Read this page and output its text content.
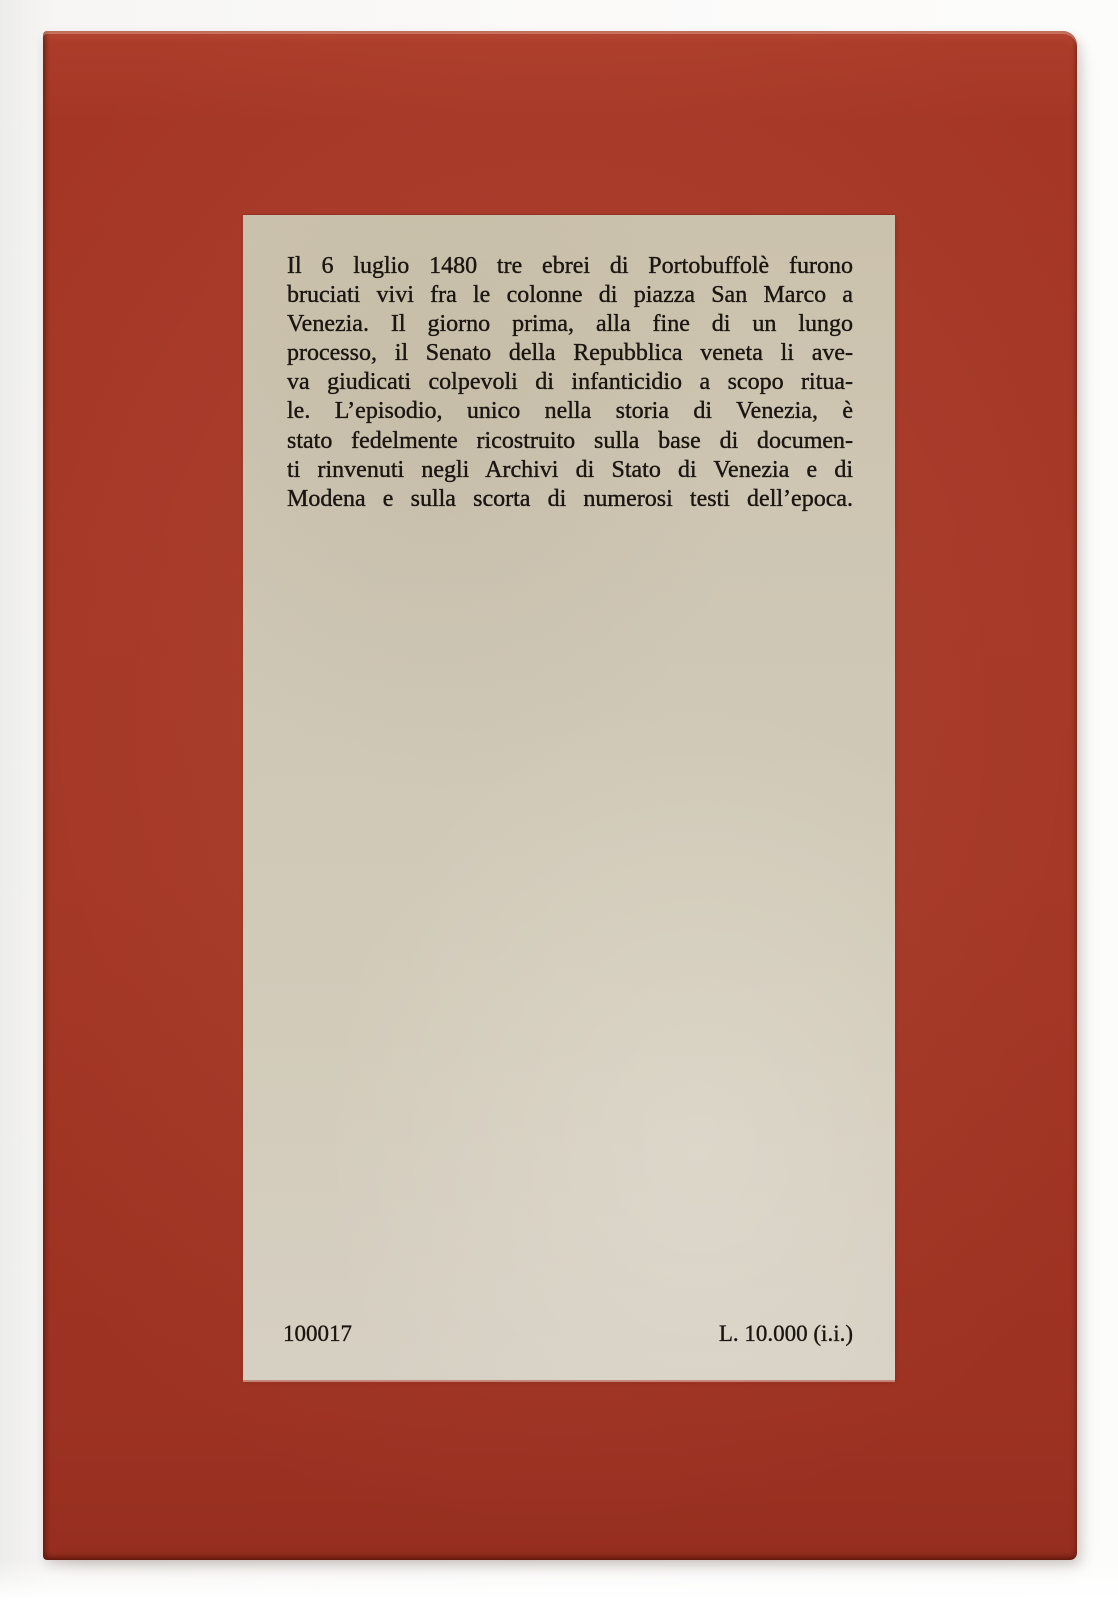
Il 6 luglio 1480 tre ebrei di Portobuffolè furono
bruciati vivi fra le colonne di piazza San Marco a
Venezia. Il giorno prima, alla fine di un lungo
processo, il Senato della Repubblica veneta li ave-
va giudicati colpevoli di infanticidio a scopo ritua-
le. L’episodio, unico nella storia di Venezia, è
stato fedelmente ricostruito sulla base di documen-
ti rinvenuti negli Archivi di Stato di Venezia e di
Modena e sulla scorta di numerosi testi dell’epoca.
100017	L. 10.000 (i.i.)
